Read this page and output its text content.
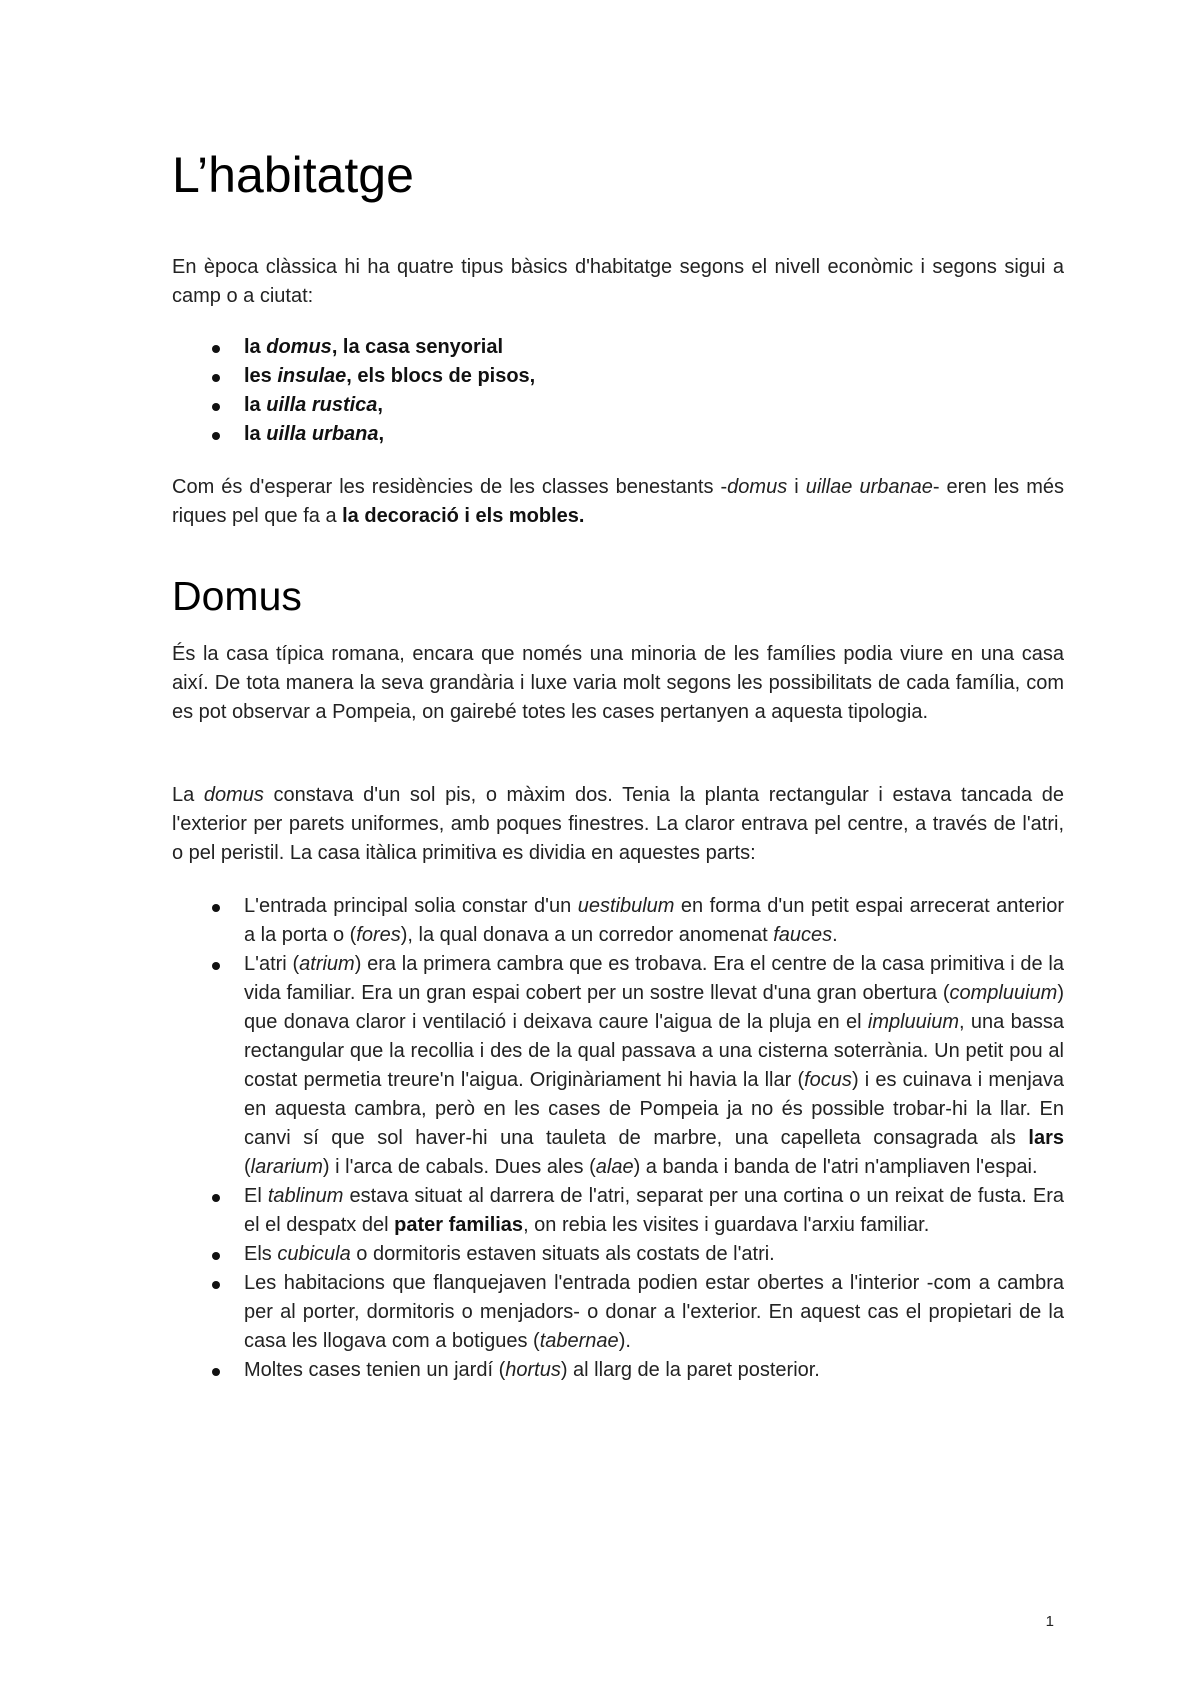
L’habitatge

En època clàssica hi ha quatre tipus bàsics d'habitatge segons el nivell econòmic i segons sigui a camp o a ciutat:

la domus, la casa senyorial
les insulae, els blocs de pisos,
la uilla rustica,
la uilla urbana,

Com és d'esperar les residències de les classes benestants -domus i uillae urbanae- eren les més riques pel que fa a la decoració i els mobles.

Domus

És la casa típica romana, encara que només una minoria de les famílies podia viure en una casa així. De tota manera la seva grandària i luxe varia molt segons les possibilitats de cada família, com es pot observar a Pompeia, on gairebé totes les cases pertanyen a aquesta tipologia.

La domus constava d'un sol pis, o màxim dos. Tenia la planta rectangular i estava tancada de l'exterior per parets uniformes, amb poques finestres. La claror entrava pel centre, a través de l'atri, o pel peristil. La casa itàlica primitiva es dividia en aquestes parts:

L'entrada principal solia constar d'un uestibulum en forma d'un petit espai arrecerat anterior a la porta o (fores), la qual donava a un corredor anomenat fauces.
L'atri (atrium) era la primera cambra que es trobava. Era el centre de la casa primitiva i de la vida familiar. Era un gran espai cobert per un sostre llevat d'una gran obertura (compluuium) que donava claror i ventilació i deixava caure l'aigua de la pluja en el impluuium, una bassa rectangular que la recollia i des de la qual passava a una cisterna soterrània. Un petit pou al costat permetia treure'n l'aigua. Originàriament hi havia la llar (focus) i es cuinava i menjava en aquesta cambra, però en les cases de Pompeia ja no és possible trobar-hi la llar. En canvi sí que sol haver-hi una tauleta de marbre, una capelleta consagrada als lars (lararium) i l'arca de cabals. Dues ales (alae) a banda i banda de l'atri n'ampliaven l'espai.
El tablinum estava situat al darrera de l'atri, separat per una cortina o un reixat de fusta. Era el el despatx del pater familias, on rebia les visites i guardava l'arxiu familiar.
Els cubicula o dormitoris estaven situats als costats de l'atri.
Les habitacions que flanquejaven l'entrada podien estar obertes a l'interior -com a cambra per al porter, dormitoris o menjadors- o donar a l'exterior. En aquest cas el propietari de la casa les llogava com a botigues (tabernae).
Moltes cases tenien un jardí (hortus) al llarg de la paret posterior.
1
